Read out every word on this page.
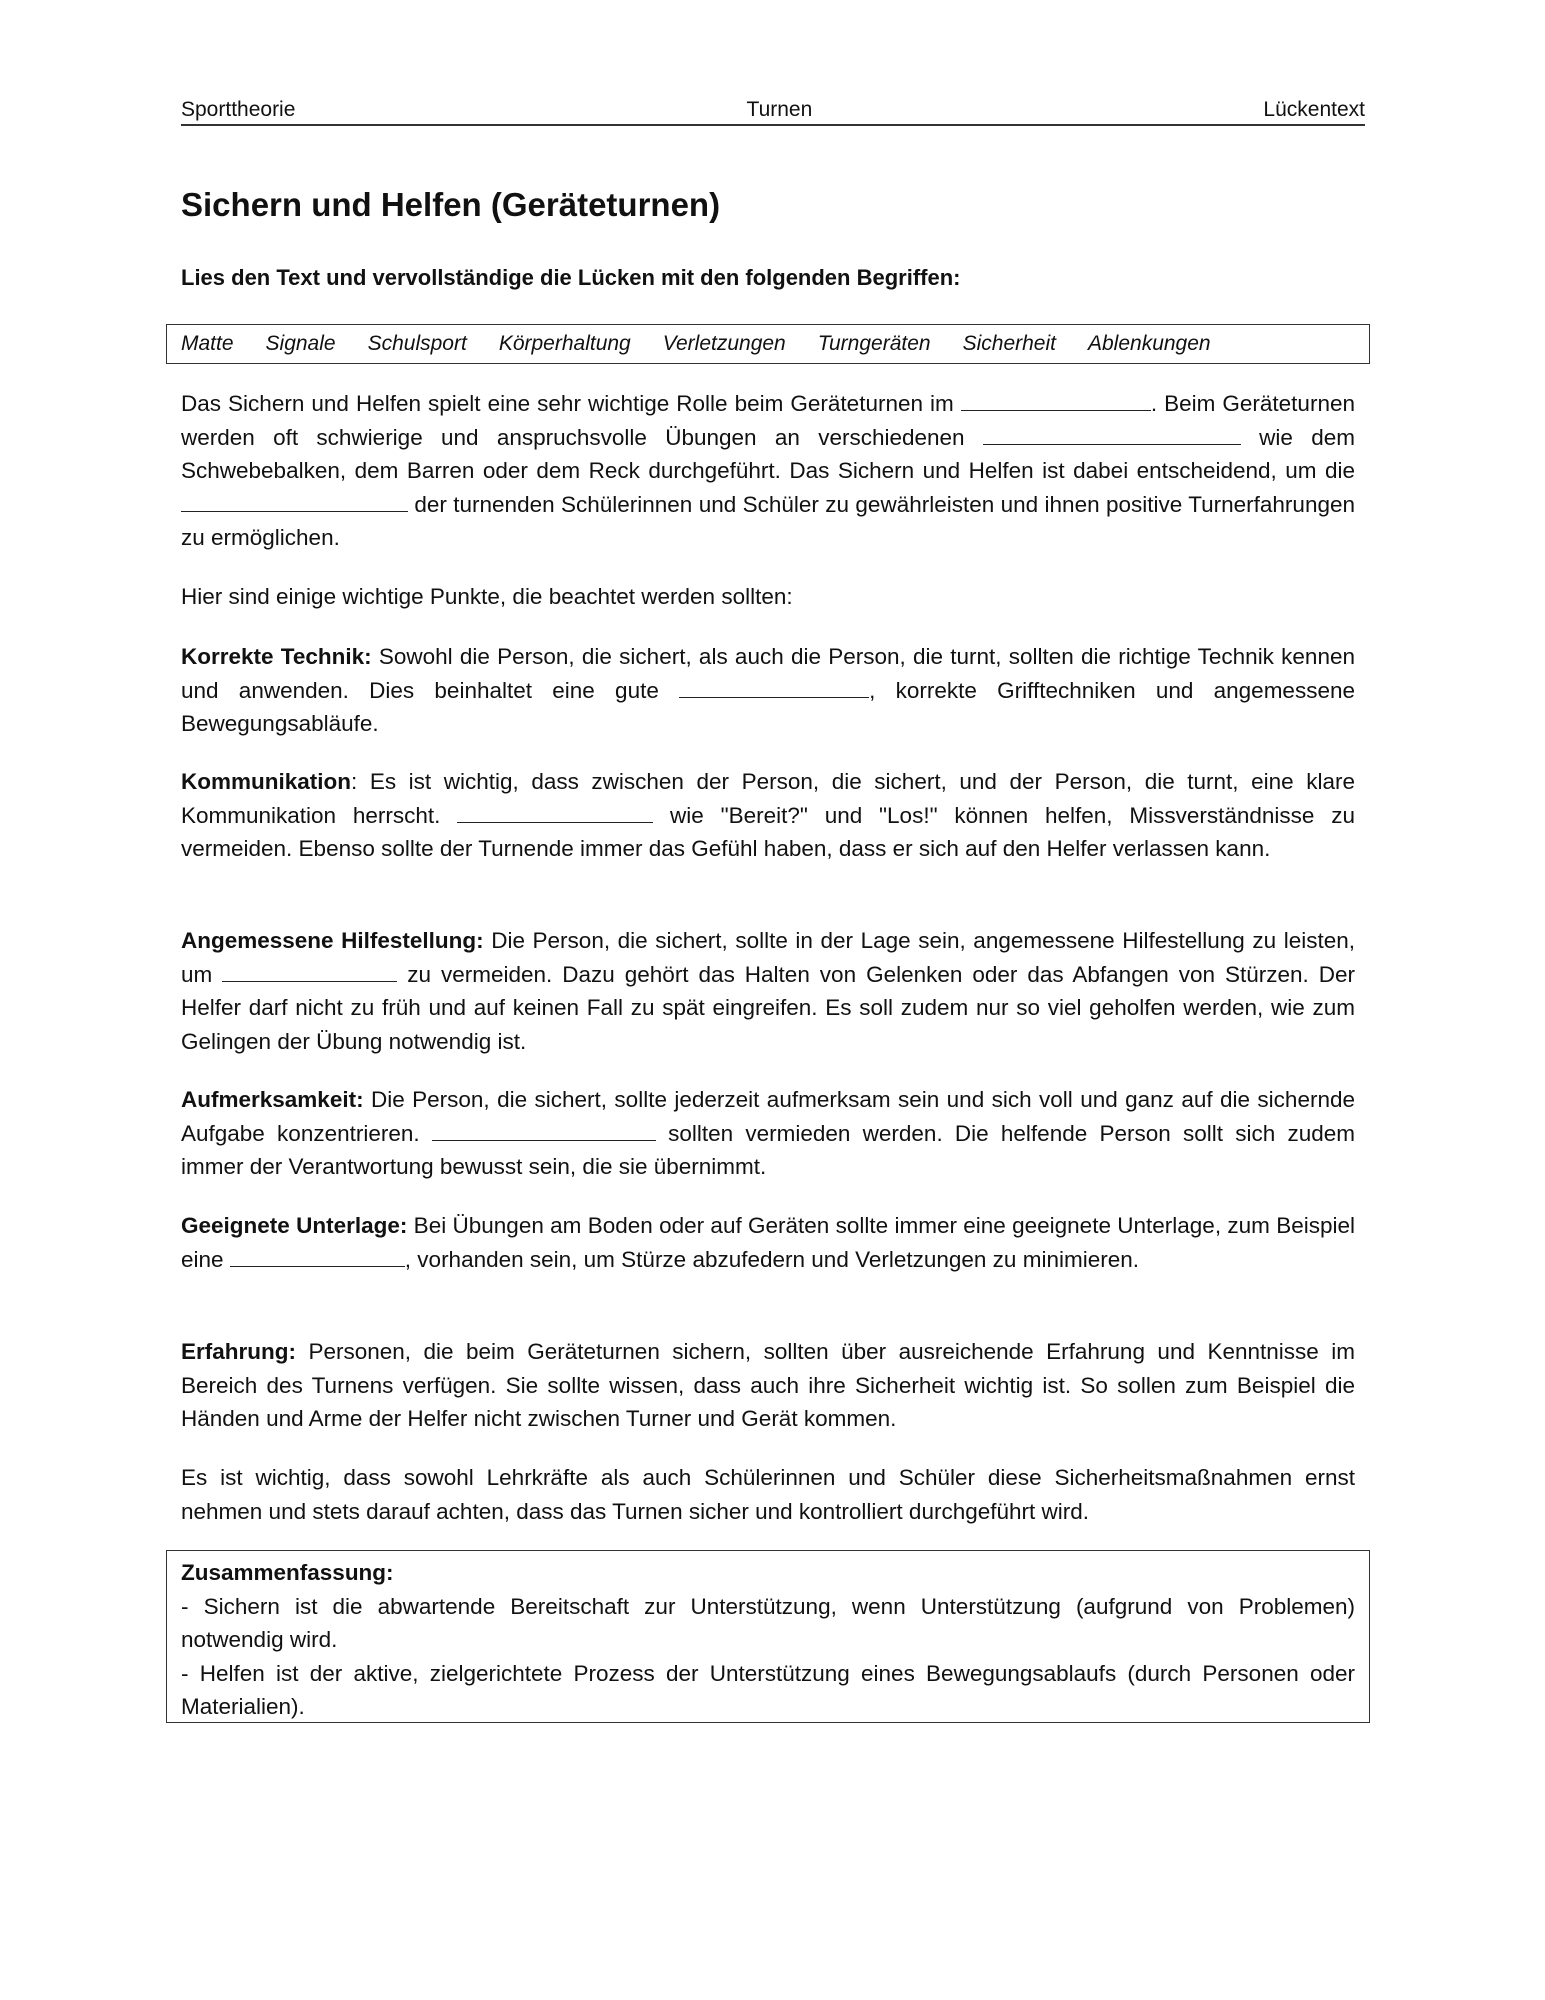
Sporttheorie	Turnen	Lückentext
Sichern und Helfen (Geräteturnen)

Lies den Text und vervollständige die Lücken mit den folgenden Begriffen:

Matte Signale Schulsport Körperhaltung Verletzungen Turngeräten Sicherheit Ablenkungen

Das Sichern und Helfen spielt eine sehr wichtige Rolle beim Geräteturnen im	. Beim Geräteturnen werden oft schwierige und anspruchsvolle Übungen an verschiedenen	wie dem Schwebebalken, dem Barren oder dem Reck durchgeführt. Das Sichern und Helfen ist dabei entscheidend, um die  der turnenden Schülerinnen und Schüler zu gewährleisten und ihnen positive Turnerfahrungen zu ermöglichen.

Hier sind einige wichtige Punkte, die beachtet werden sollten:

Korrekte Technik: Sowohl die Person, die sichert, als auch die Person, die turnt, sollten die richtige Technik kennen und anwenden. Dies beinhaltet eine gute	, korrekte Grifftechniken und angemessene Bewegungsabläufe.

Kommunikation: Es ist wichtig, dass zwischen der Person, die sichert, und der Person, die turnt, eine klare Kommunikation herrscht.	wie "Bereit?" und "Los!" können helfen, Missverständnisse zu vermeiden. Ebenso sollte der Turnende immer das Gefühl haben, dass er sich auf den Helfer verlassen kann.

Angemessene Hilfestellung: Die Person, die sichert, sollte in der Lage sein, angemessene Hilfestellung zu leisten, um	zu vermeiden. Dazu gehört das Halten von Gelenken oder das Abfangen von Stürzen. Der Helfer darf nicht zu früh und auf keinen Fall zu spät eingreifen. Es soll zudem nur so viel geholfen werden, wie zum Gelingen der Übung notwendig ist.

Aufmerksamkeit: Die Person, die sichert, sollte jederzeit aufmerksam sein und sich voll und ganz auf die sichernde Aufgabe konzentrieren.	sollten vermieden werden. Die helfende Person sollt sich zudem immer der Verantwortung bewusst sein, die sie übernimmt.

Geeignete Unterlage: Bei Übungen am Boden oder auf Geräten sollte immer eine geeignete Unterlage, zum Beispiel eine	, vorhanden sein, um Stürze abzufedern und Verletzungen zu minimieren.

Erfahrung: Personen, die beim Geräteturnen sichern, sollten über ausreichende Erfahrung und Kenntnisse im Bereich des Turnens verfügen. Sie sollte wissen, dass auch ihre Sicherheit wichtig ist. So sollen zum Beispiel die Händen und Arme der Helfer nicht zwischen Turner und Gerät kommen.

Es ist wichtig, dass sowohl Lehrkräfte als auch Schülerinnen und Schüler diese Sicherheitsmaßnahmen ernst nehmen und stets darauf achten, dass das Turnen sicher und kontrolliert durchgeführt wird.

Zusammenfassung:
- Sichern ist die abwartende Bereitschaft zur Unterstützung, wenn Unterstützung (aufgrund von Problemen) notwendig wird.
- Helfen ist der aktive, zielgerichtete Prozess der Unterstützung eines Bewegungsablaufs (durch Personen oder Materialien).
